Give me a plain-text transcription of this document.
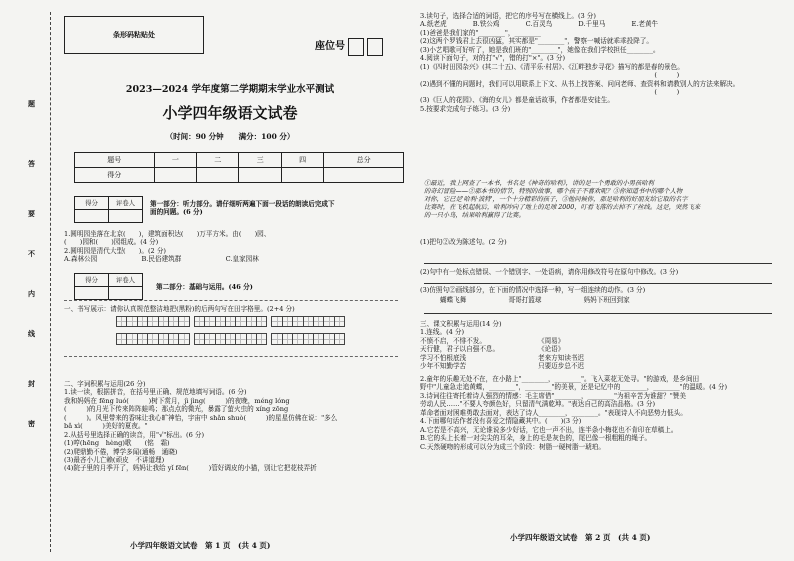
题
答
要
不
内
线
封
密
条形码粘贴处
座位号
2023—2024 学年度第二学期期末学业水平测试
小学四年级语文试卷
（时间：90 分钟　　满分：100 分）
题号	一	二	三	四	总分
得分					
得分	评卷人
	第一部分：听力部分。请仔细听两遍下面一段话的朗读后完成下

面的问题。(6 分)

1.圆明园坐落在北京(　　)，建筑面积达(　　)万平方米。由(　　)园、

(　　)园和(　　)园组成。(4 分)

2.圆明园是清代大型(　　)。(2 分)

A.森林公园	B.民俗建筑群	C.皇家园林

得分	评卷人

第二部分：基础与运用。(46 分)
一、书写展示：请你认真规范整洁地把(黑粉)的后两句写在田字格里。(2+4 分)

二、字词积累与运用(26 分)

1.读一读，根据拼音，在括号里正确、规范地填写词语。(6 分)

我和妈妈在 fēng luó(　　　)树下赏月，jì jìng(　　　)的夜晚，méng lóng

(　　　)的月光下传来阵阵蛙鸣；那点点的微光，暴露了萤火虫的 xíng zōng

(　　　)。风里带来的香味让我心旷神怡，宇宙中 shǎn shuò(　　　)的星星仿佛在说："多么

bǎ xì(　　　)美好的夏夜。"

2.从括号里选择正确的读音，用"√"标出。(6 分)

(1)哼(hēng　hèng)歌　　(铭　霜)

(2)爬鼎勤不倦，博学多闻(通畅　通晓)

(3)最吝小儿亡赖(顽皮　不讲道理)

(4)院子里的月季开了，妈妈让我给 yǐ fēn(　　　)管好调皮的小猫，别让它把花枝弄折

小学四年级语文试卷　第 1 页　(共 4 页)

3.读句子，选择合适的词语，把它的序号写在横线上。(3 分)

A.纸老虎	B.铁公鸡	C.百灵鸟	D.千里马	E.老黄牛

(1)爸爸是我们家的"________"，________

(2)这两个罗钱君上去很凶猛，其实都是"________"，警察一喊话就乖乖投降了。

(3)小艺唱歌可好听了，她是我们班的"________"，她像在我们学校担任________。

4.阅读下面句子，对的打"√"，错的打"×"。(3 分)

(1)《四时田园杂兴》(其二十五)、《清平乐·村居》、《江畔独步寻花》描写的都是春的景色。

(　　　)

(2)遇到不懂的问题时，我们可以用联系上下文、从书上找答案、问问老师、查资料和请教别人的方法来解决。

(　　　)

(3)《巨人的花园》、《海的女儿》都是童话故事，作者都是安徒生。

5.按要求完成句子练习。(3 分)

①最近，我上网查了一本书，书名是《神奇的哈利》，讲的是一个勇敢的小男孩哈利

的奇幻冒险——②那本书的情节，特别的故事，哪个孩子不喜欢呢？③你知道书中的哪个人物

对你，它已是'哈利·波特'，一个十分精彩的孩子，③他问候你，那是哈利的好朋友给它取的名字

比赛时，在飞机起航后，哈利冲向了地上的足球 2000，叮看飞落的去掉不了丝线。这是，突然飞来

的一只小鸟，结果哈利赢得了比赛。

(1)把句②改为陈述句。(2 分)
(2)句中有一处标点错误、一个错别字、一处语病，请你用修改符号在原句中修改。(3 分)
(3)仿照句②画线部分，在下面的情况中选择一种，写一组连续的动作。(3 分)
蝴蝶飞舞	哥哥打篮球	妈妈下班回到家

三、课文积累与运用(14 分)

1.连线。(4 分)

不愤不启，不悱不发。

天行健，君子以自强不息。

学习不怕根底浅

少年不知勤学苦

《周易》

《论语》

老来方知读书迟

只要迈步总不迟

2.童年的乐趣无处不在，在小路上"________，________"。飞入菜花无处寻。"的游戏，是乡间田

野中"儿童急走追黄蝶，________"，________"的美景，还是记忆中的________，________"的温暖。(4 分)

3.诗词往往寄托着诗人强烈的情感：毛主席借"________，________"为祖辛苦为谁甜？"赞美

劳动人民……"不要人夸颜色好，只留清气满乾坤。"表达自己的高洁品格。(3 分)

革命者面对困难勇敢去面对，表达了诗人________，________。"表现诗人不向恶势力低头。

4.下面哪句话作者没有喜爱之情隐藏其中。(　　)(3 分)

A.它若是不高兴，无论谁说多少好话，它也一声不出，连半条小梅花也不肯印在草稿上。

B.它的头上长着一对尖尖的耳朵，身上的毛是灰色的，尾巴像一根粗粗的绳子。

C.天然硬吻的形成可以分为成三个阶段：树脂一硬树脂一琥珀。

小学四年级语文试卷　第 2 页　(共 4 页)
